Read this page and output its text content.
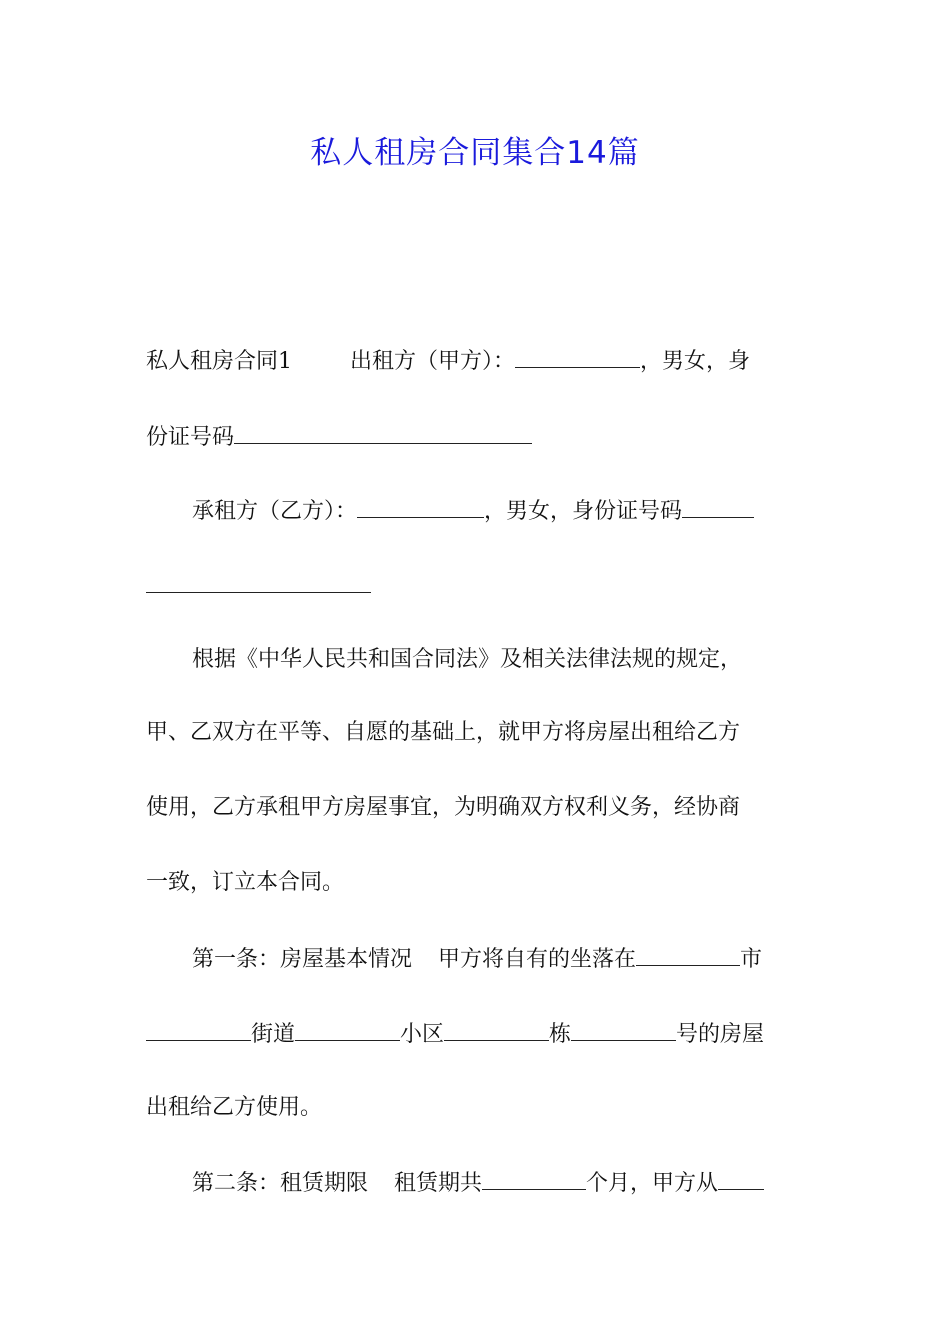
私人租房合同集合14篇
私人租房合同1	出租方（甲方）：	，男女，身
份证号码
承租方（乙方）：	，男女，身份证号码
根据《中华人民共和国合同法》及相关法律法规的规定，
甲、乙双方在平等、自愿的基础上，就甲方将房屋出租给乙方
使用，乙方承租甲方房屋事宜，为明确双方权利义务，经协商
一致，订立本合同。
第一条：房屋基本情况 甲方将自有的坐落在	市
街道	小区	栋	号的房屋
出租给乙方使用。
第二条：租赁期限 租赁期共	个月，甲方从
